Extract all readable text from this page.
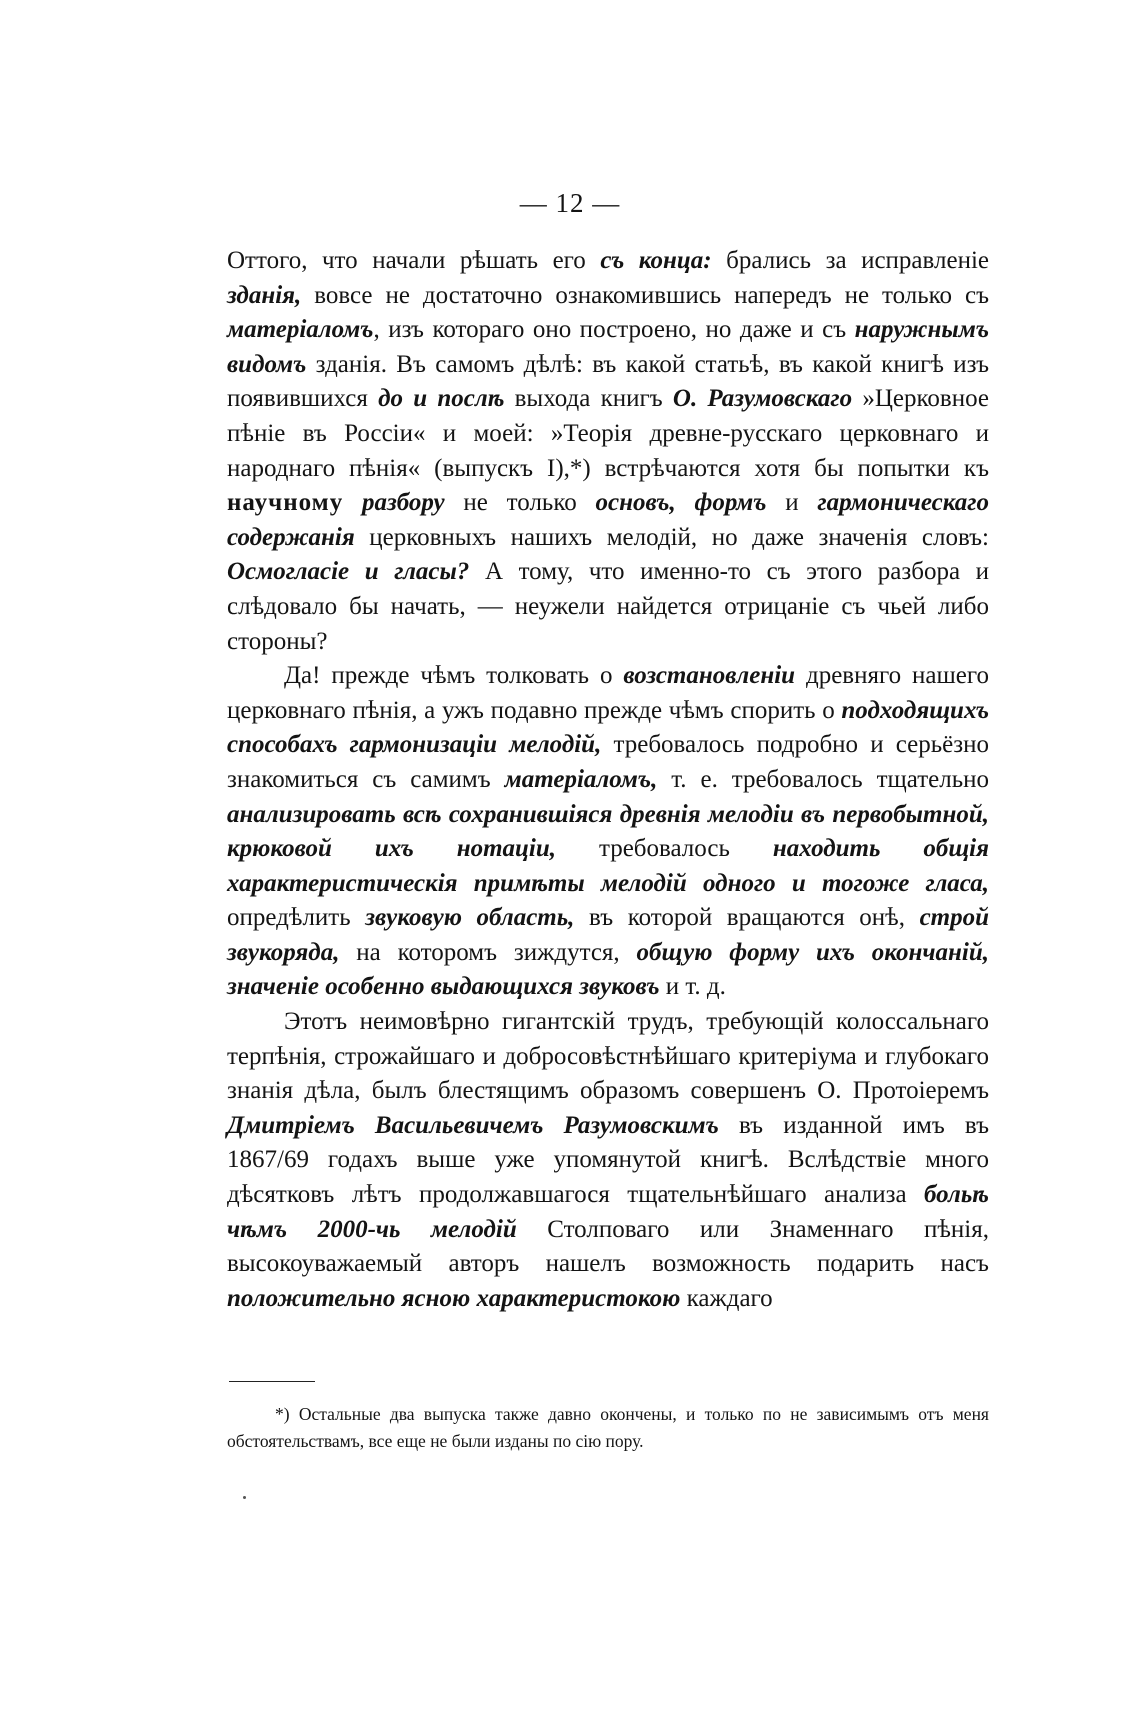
— 12 —

Оттого, что начали рѣшать его съ конца: брались за исправленіе зданія, вовсе не достаточно ознакомившись напередъ не только съ матеріаломъ, изъ котораго оно построено, но даже и съ наружнымъ видомъ зданія. Въ самомъ дѣлѣ: въ какой статьѣ, въ какой книгѣ изъ появившихся до и послѣ выхода книгъ О. Разумовскаго »Церковное пѣніе въ Россіи« и моей: »Теорія древне-русскаго церковнаго и народнаго пѣнія« (выпускъ I),*) встрѣчаются хотя бы попытки къ научному разбору не только основъ, формъ и гармоническаго содержанія церковныхъ нашихъ мелодій, но даже значенія словъ: Осмогласіе и гласы? А тому, что именно-то съ этого разбора и слѣдовало бы начать, — неужели найдется отрицаніе съ чьей либо стороны?

Да! прежде чѣмъ толковать о возстановленіи древняго нашего церковнаго пѣнія, а ужъ подавно прежде чѣмъ спорить о подходящихъ способахъ гармонизаціи мелодій, требовалось подробно и серьёзно знакомиться съ самимъ матеріаломъ, т. е. требовалось тщательно анализировать всѣ сохранившіяся древнія мелодіи въ первобытной, крюковой ихъ нотаціи, требовалось находить общія характеристическія примѣты мелодій одного и тогоже гласа, опредѣлить звуковую область, въ которой вращаются онѣ, строй звукоряда, на которомъ зиждутся, общую форму ихъ окончаній, значеніе особенно выдающихся звуковъ и т. д.

Этотъ неимовѣрно гигантскій трудъ, требующій колоссальнаго терпѣнія, строжайшаго и добросовѣстнѣйшаго критеріума и глубокаго знанія дѣла, былъ блестящимъ образомъ совершенъ О. Протоіеремъ Дмитріемъ Васильевичемъ Разумовскимъ въ изданной имъ въ 1867/69 годахъ выше уже упомянутой книгѣ. Вслѣдствіе много дѣсятковъ лѣтъ продолжавшагося тщательнѣйшаго анализа больѣ чѣмъ 2000-чь мелодій Столповаго или Знаменнаго пѣнія, высокоуважаемый авторъ нашелъ возможность подарить насъ положительно ясною характеристокою каждаго

*) Остальные два выпуска также давно окончены, и только по не зависимымъ отъ меня обстоятельствамъ, все еще не были изданы по сію пору.
